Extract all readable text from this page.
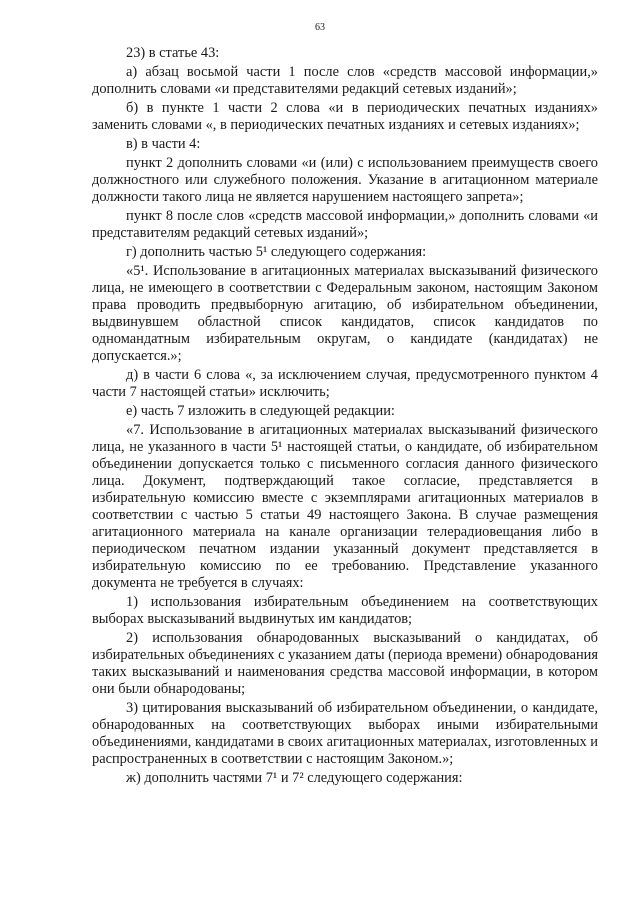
63

23) в статье 43:

а) абзац восьмой части 1 после слов «средств массовой информации,» дополнить словами «и представителями редакций сетевых изданий»;

б) в пункте 1 части 2 слова «и в периодических печатных изданиях» заменить словами «, в периодических печатных изданиях и сетевых изданиях»;

в) в части 4:

пункт 2 дополнить словами «и (или) с использованием преимуществ своего должностного или служебного положения. Указание в агитационном материале должности такого лица не является нарушением настоящего запрета»;

пункт 8 после слов «средств массовой информации,» дополнить словами «и представителям редакций сетевых изданий»;

г) дополнить частью 5¹ следующего содержания:

«5¹. Использование в агитационных материалах высказываний физического лица, не имеющего в соответствии с Федеральным законом, настоящим Законом права проводить предвыборную агитацию, об избирательном объединении, выдвинувшем областной список кандидатов, список кандидатов по одномандатным избирательным округам, о кандидате (кандидатах) не допускается.»;

д) в части 6 слова «, за исключением случая, предусмотренного пунктом 4 части 7 настоящей статьи» исключить;

е) часть 7 изложить в следующей редакции:

«7. Использование в агитационных материалах высказываний физического лица, не указанного в части 5¹ настоящей статьи, о кандидате, об избирательном объединении допускается только с письменного согласия данного физического лица. Документ, подтверждающий такое согласие, представляется в избирательную комиссию вместе с экземплярами агитационных материалов в соответствии с частью 5 статьи 49 настоящего Закона. В случае размещения агитационного материала на канале организации телерадиовещания либо в периодическом печатном издании указанный документ представляется в избирательную комиссию по ее требованию. Представление указанного документа не требуется в случаях:

1) использования избирательным объединением на соответствующих выборах высказываний выдвинутых им кандидатов;

2) использования обнародованных высказываний о кандидатах, об избирательных объединениях с указанием даты (периода времени) обнародования таких высказываний и наименования средства массовой информации, в котором они были обнародованы;

3) цитирования высказываний об избирательном объединении, о кандидате, обнародованных на соответствующих выборах иными избирательными объединениями, кандидатами в своих агитационных материалах, изготовленных и распространенных в соответствии с настоящим Законом.»;

ж) дополнить частями 7¹ и 7² следующего содержания:
